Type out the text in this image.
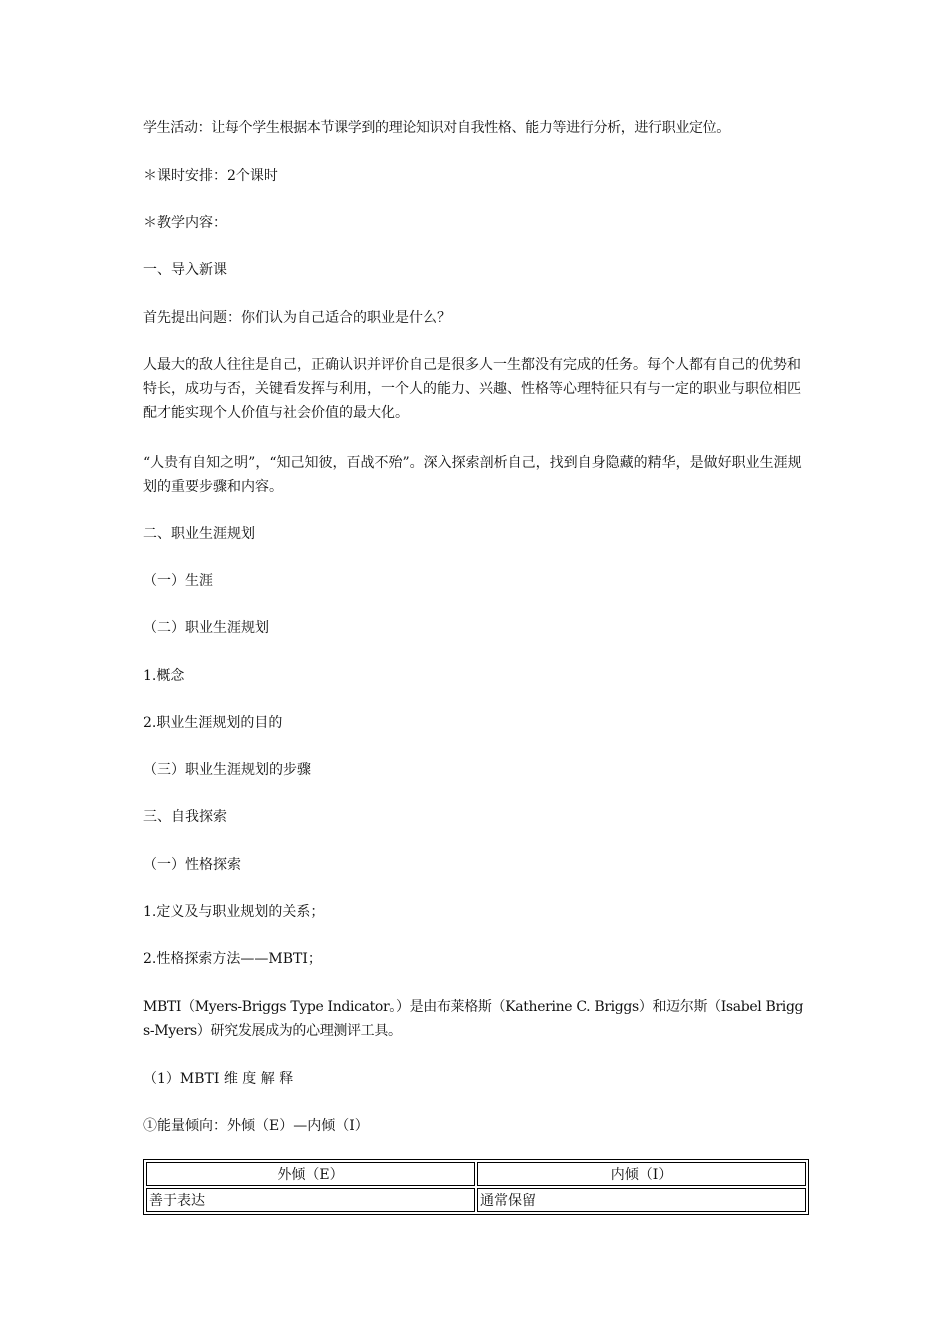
学生活动：让每个学生根据本节课学到的理论知识对自我性格、能力等进行分析，进行职业定位。

＊课时安排：2个课时

＊教学内容：

一、导入新课

首先提出问题：你们认为自己适合的职业是什么？

人最大的敌人往往是自己，正确认识并评价自己是很多人一生都没有完成的任务。每个人都有自己的优势和特长，成功与否，关键看发挥与利用，一个人的能力、兴趣、性格等心理特征只有与一定的职业与职位相匹配才能实现个人价值与社会价值的最大化。

“人贵有自知之明”，“知己知彼，百战不殆”。深入探索剖析自己，找到自身隐藏的精华，是做好职业生涯规划的重要步骤和内容。

二、职业生涯规划

（一）生涯

（二）职业生涯规划

1.概念

2.职业生涯规划的目的

（三）职业生涯规划的步骤

三、自我探索

（一）性格探索

1.定义及与职业规划的关系；

2.性格探索方法——MBTI；

MBTI（Myers-Briggs Type Indicator。）是由布莱格斯（Katherine C. Briggs）和迈尔斯（Isabel Briggs-Myers）研究发展成为的心理测评工具。

（1）MBTI 维 度 解 释

①能量倾向：外倾（E）—内倾（I）

外倾（E）	内倾（I）
善于表达	通常保留
